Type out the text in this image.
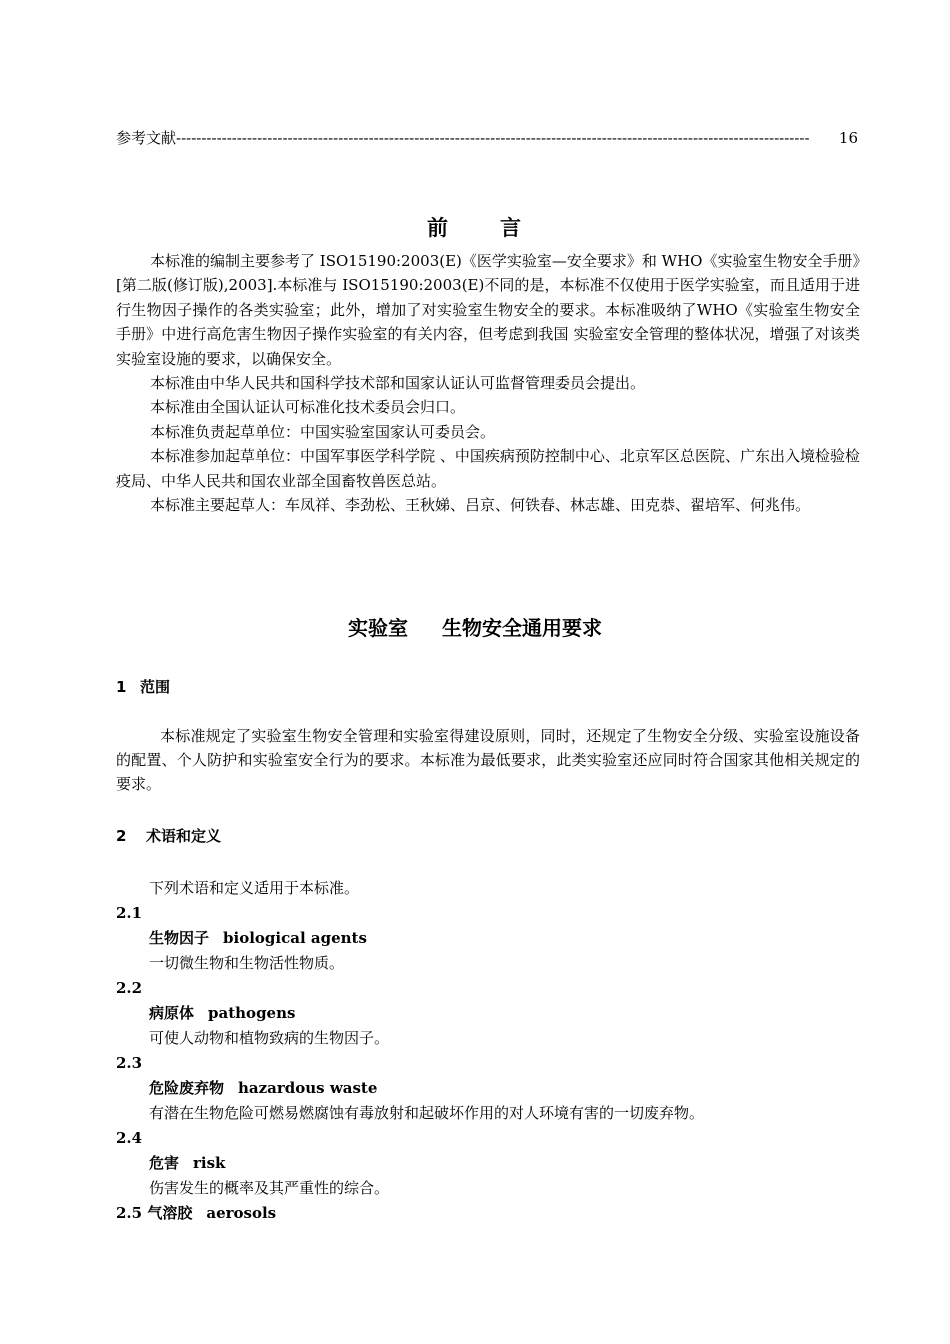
参考文献 -----------------------------------------------------------------------------------------------------------------------------	16
前 言

本标准的编制主要参考了 ISO15190:2003(E)《医学实验室—安全要求》和 WHO《实验室生物安全手册》[第二版(修订版),2003].本标准与 ISO15190:2003(E)不同的是，本标准不仅使用于医学实验室，而且适用于进行生物因子操作的各类实验室；此外，增加了对实验室生物安全的要求。本标准吸纳了WHO《实验室生物安全手册》中进行高危害生物因子操作实验室的有关内容，但考虑到我国 实验室安全管理的整体状况，增强了对该类实验室设施的要求，以确保安全。

本标准由中华人民共和国科学技术部和国家认证认可监督管理委员会提出。

本标准由全国认证认可标准化技术委员会归口。

本标准负责起草单位：中国实验室国家认可委员会。

本标准参加起草单位：中国军事医学科学院 、中国疾病预防控制中心、北京军区总医院、广东出入境检验检疫局、中华人民共和国农业部全国畜牧兽医总站。

本标准主要起草人：车凤祥、李劲松、王秋娣、吕京、何铁春、林志雄、田克恭、翟培军、何兆伟。

实验室 生物安全通用要求
1 范围

本标准规定了实验室生物安全管理和实验室得建设原则，同时，还规定了生物安全分级、实验室设施设备的配置、个人防护和实验室安全行为的要求。本标准为最低要求，此类实验室还应同时符合国家其他相关规定的要求。

2 术语和定义
下列术语和定义适用于本标准。
2.1
生物因子 biological agents
一切微生物和生物活性物质。
2.2
病原体 pathogens
可使人动物和植物致病的生物因子。
2.3
危险废弃物 hazardous waste
有潜在生物危险可燃易燃腐蚀有毒放射和起破坏作用的对人环境有害的一切废弃物。
2.4
危害 risk
伤害发生的概率及其严重性的综合。
2.5 气溶胶 aerosols
